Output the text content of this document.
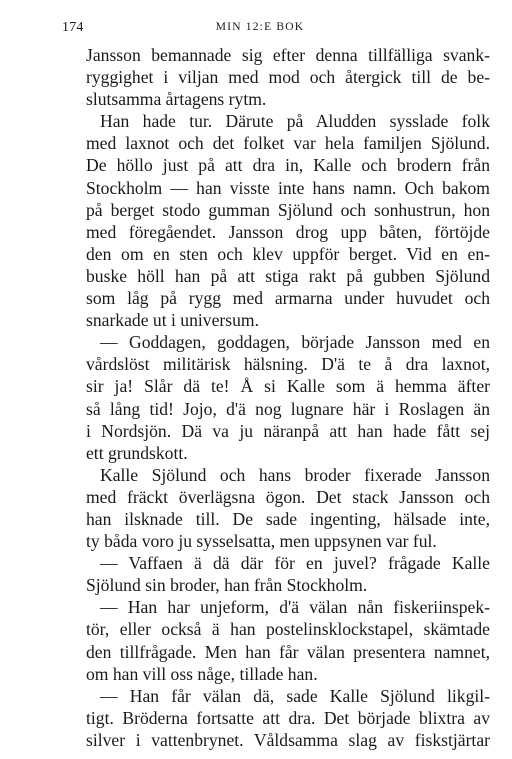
174	MIN 12:E BOK
Jansson bemannade sig efter denna tillfälliga svank-
ryggighet i viljan med mod och återgick till de be-
slutsamma årtagens rytm.
Han hade tur. Därute på Aludden sysslade folk
med laxnot och det folket var hela familjen Sjölund.
De höllo just på att dra in, Kalle och brodern från
Stockholm — han visste inte hans namn. Och bakom
på berget stodo gumman Sjölund och sonhustrun, hon
med föregåendet. Jansson drog upp båten, förtöjde
den om en sten och klev uppför berget. Vid en en-
buske höll han på att stiga rakt på gubben Sjölund
som låg på rygg med armarna under huvudet och
snarkade ut i universum.
— Goddagen, goddagen, började Jansson med en
vårdslöst militärisk hälsning. D'ä te å dra laxnot,
sir ja! Slår dä te! Å si Kalle som ä hemma äfter
så lång tid! Jojo, d'ä nog lugnare här i Roslagen än
i Nordsjön. Dä va ju näranpå att han hade fått sej
ett grundskott.
Kalle Sjölund och hans broder fixerade Jansson
med fräckt överlägsna ögon. Det stack Jansson och
han ilsknade till. De sade ingenting, hälsade inte,
ty båda voro ju sysselsatta, men uppsynen var ful.
— Vaffaen ä dä där för en juvel? frågade Kalle
Sjölund sin broder, han från Stockholm.
— Han har unjeform, d'ä välan nån fiskeriinspek-
tör, eller också ä han postelinsklockstapel, skämtade
den tillfrågade. Men han får välan presentera namnet,
om han vill oss någe, tillade han.
— Han får välan dä, sade Kalle Sjölund likgil-
tigt. Bröderna fortsatte att dra. Det började blixtra av
silver i vattenbrynet. Våldsamma slag av fiskstjärtar
